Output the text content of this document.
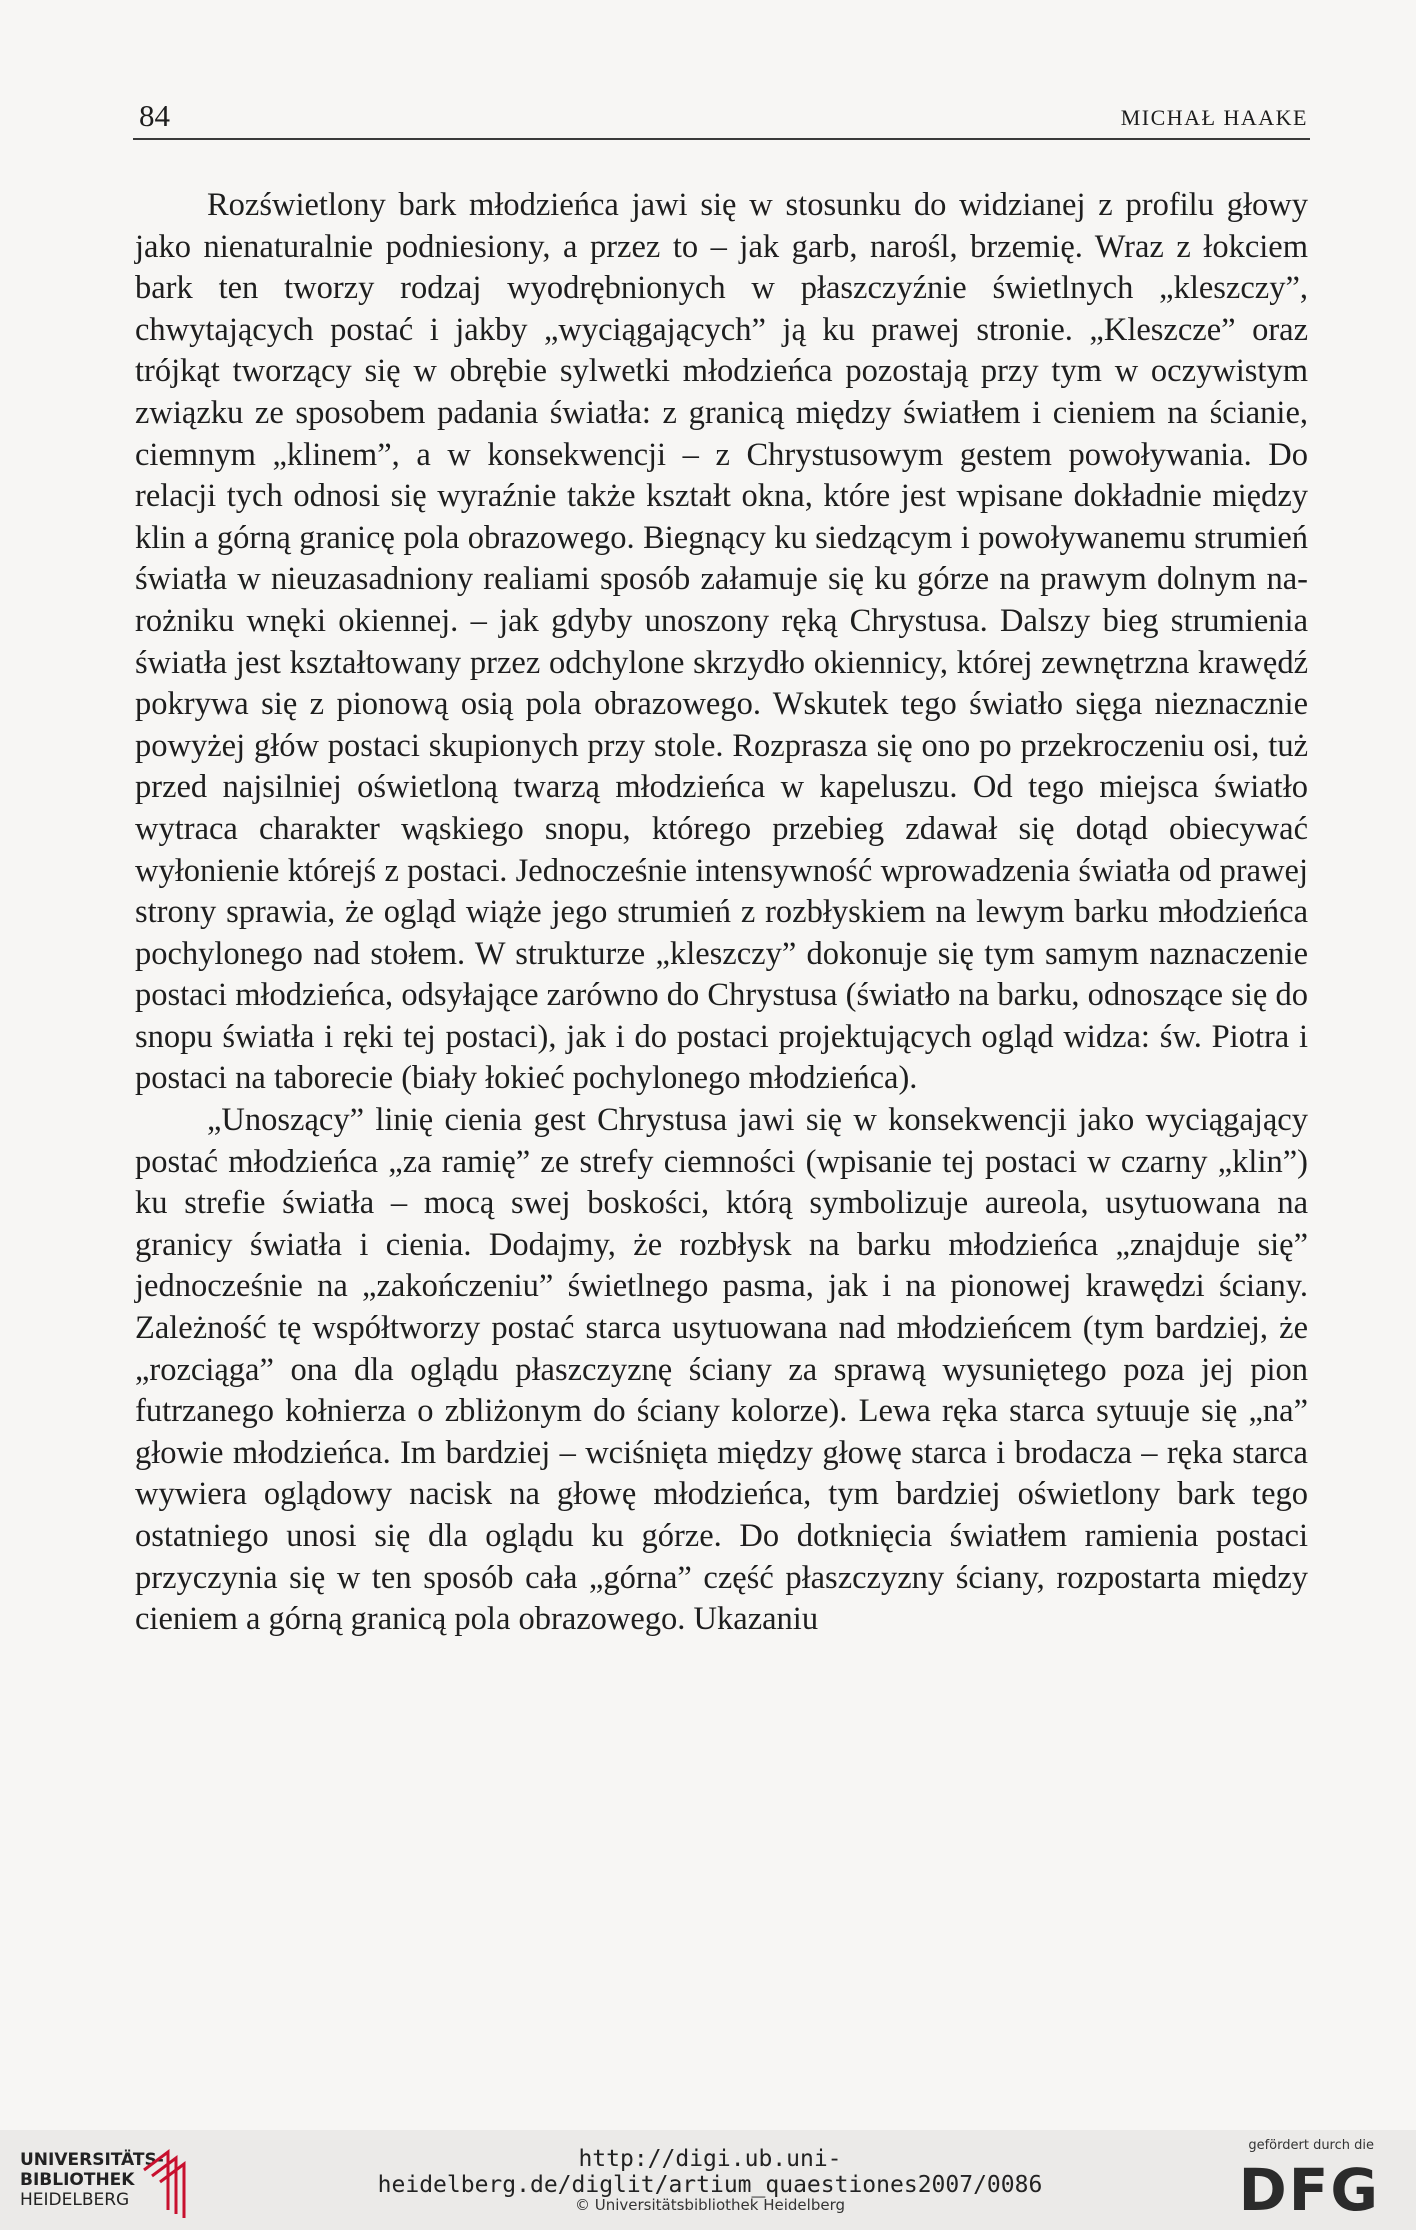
84	MICHAŁ HAAKE

Rozświetlony bark młodzieńca jawi się w stosunku do widzianej z profilu głowy jako nienaturalnie podniesiony, a przez to – jak garb, narośl, brzemię. Wraz z łokciem bark ten tworzy rodzaj wyodrębnionych w płaszczyźnie świetlnych „kleszczy”, chwytających postać i jakby „wyciągających” ją ku prawej stronie. „Kleszcze” oraz trójkąt tworzący się w obrębie sylwetki młodzieńca pozostają przy tym w oczywistym związku ze sposobem padania światła: z granicą między światłem i cieniem na ścianie, ciemnym „klinem”, a w konsekwencji – z Chrystusowym gestem powoływania. Do relacji tych odnosi się wyraźnie także kształt okna, które jest wpisane dokładnie między klin a górną granicę pola obrazowego. Biegnący ku siedzącym i powoływanemu strumień światła w nieuzasadniony realiami sposób załamuje się ku górze na prawym dolnym narożniku wnęki okiennej. – jak gdyby unoszony ręką Chrystusa. Dalszy bieg strumienia światła jest kształtowany przez odchylone skrzydło okiennicy, której zewnętrzna krawędź pokrywa się z pionową osią pola obrazowego. Wskutek tego światło sięga nieznacznie powyżej głów postaci skupionych przy stole. Rozprasza się ono po przekroczeniu osi, tuż przed najsilniej oświetloną twarzą młodzieńca w kapeluszu. Od tego miejsca światło wytraca charakter wąskiego snopu, którego przebieg zdawał się dotąd obiecywać wyłonienie którejś z postaci. Jednocześnie intensywność wprowadzenia światła od prawej strony sprawia, że ogląd wiąże jego strumień z rozbłyskiem na lewym barku młodzieńca pochylonego nad stołem. W strukturze „kleszczy” dokonuje się tym samym naznaczenie postaci młodzieńca, odsyłające zarówno do Chrystusa (światło na barku, odnoszące się do snopu światła i ręki tej postaci), jak i do postaci projektujących ogląd widza: św. Piotra i postaci na taborecie (biały łokieć pochylonego młodzieńca).

„Unoszący” linię cienia gest Chrystusa jawi się w konsekwencji jako wyciągający postać młodzieńca „za ramię” ze strefy ciemności (wpisanie tej postaci w czarny „klin”) ku strefie światła – mocą swej boskości, którą symbolizuje aureola, usytuowana na granicy światła i cienia. Dodajmy, że rozbłysk na barku młodzieńca „znajduje się” jednocześnie na „zakończeniu” świetlnego pasma, jak i na pionowej krawędzi ściany. Zależność tę współtworzy postać starca usytuowana nad młodzieńcem (tym bardziej, że „rozciąga” ona dla oglądu płaszczyznę ściany za sprawą wysuniętego poza jej pion futrzanego kołnierza o zbliżonym do ściany kolorze). Lewa ręka starca sytuuje się „na” głowie młodzieńca. Im bardziej – wciśnięta między głowę starca i brodacza – ręka starca wywiera oglądowy nacisk na głowę młodzieńca, tym bardziej oświetlony bark tego ostatniego unosi się dla oglądu ku górze. Do dotknięcia światłem ramienia postaci przyczynia się w ten sposób cała „górna” część płaszczyzny ściany, rozpostarta między cieniem a górną granicą pola obrazowego. Ukazaniu

UNIVERSITÄTS-
BIBLIOTHEK
HEIDELBERG
http://digi.ub.uni-heidelberg.de/diglit/artium_quaestiones2007/0086
© Universitätsbibliothek Heidelberg
gefördert durch die
DFG
